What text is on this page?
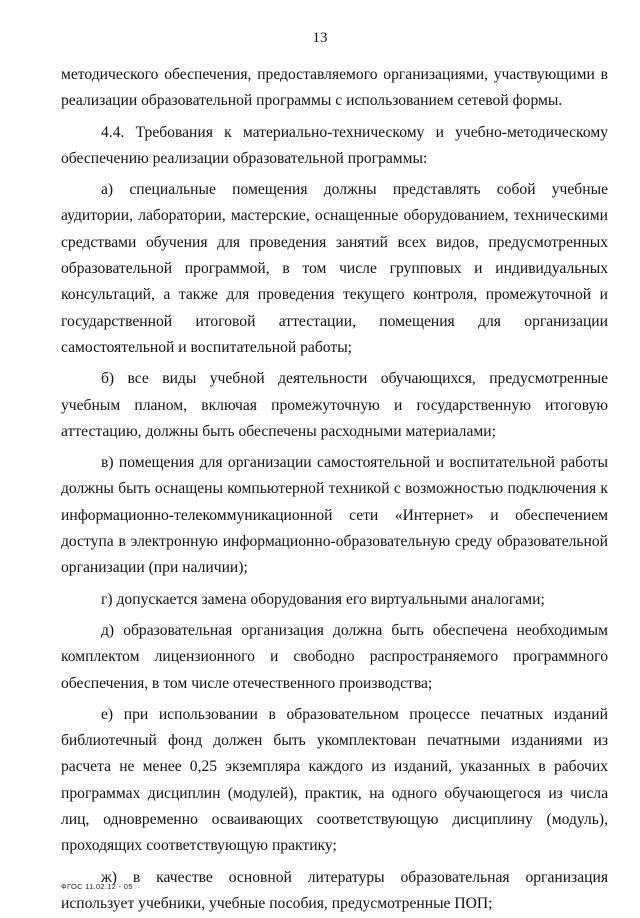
13

методического обеспечения, предоставляемого организациями, участвующими в реализации образовательной программы с использованием сетевой формы.

4.4. Требования к материально-техническому и учебно-методическому обеспечению реализации образовательной программы:

а) специальные помещения должны представлять собой учебные аудитории, лаборатории, мастерские, оснащенные оборудованием, техническими средствами обучения для проведения занятий всех видов, предусмотренных образовательной программой, в том числе групповых и индивидуальных консультаций, а также для проведения текущего контроля, промежуточной и государственной итоговой аттестации, помещения для организации самостоятельной и воспитательной работы;

б) все виды учебной деятельности обучающихся, предусмотренные учебным планом, включая промежуточную и государственную итоговую аттестацию, должны быть обеспечены расходными материалами;

в) помещения для организации самостоятельной и воспитательной работы должны быть оснащены компьютерной техникой с возможностью подключения к информационно-телекоммуникационной сети «Интернет» и обеспечением доступа в электронную информационно-образовательную среду образовательной организации (при наличии);

г) допускается замена оборудования его виртуальными аналогами;

д) образовательная организация должна быть обеспечена необходимым комплектом лицензионного и свободно распространяемого программного обеспечения, в том числе отечественного производства;

е) при использовании в образовательном процессе печатных изданий библиотечный фонд должен быть укомплектован печатными изданиями из расчета не менее 0,25 экземпляра каждого из изданий, указанных в рабочих программах дисциплин (модулей), практик, на одного обучающегося из числа лиц, одновременно осваивающих соответствующую дисциплину (модуль), проходящих соответствующую практику;

ж) в качестве основной литературы образовательная организация использует учебники, учебные пособия, предусмотренные ПОП;

ФГОС 11.02.12 - 05
